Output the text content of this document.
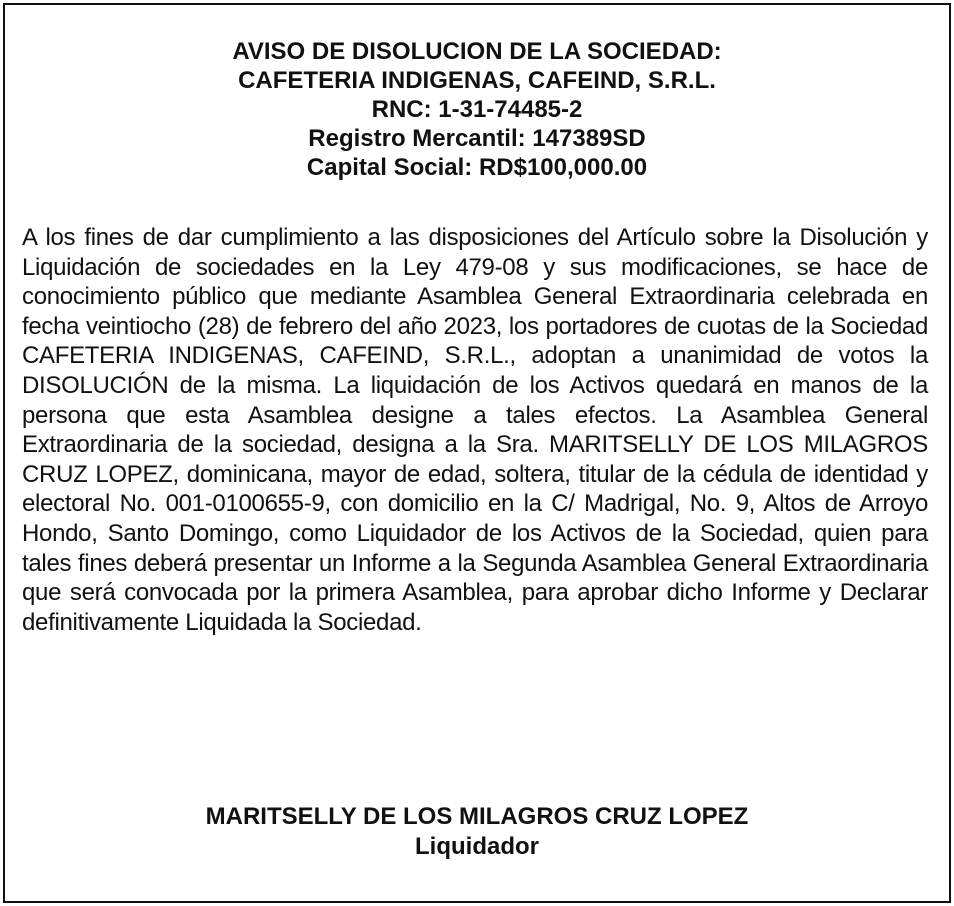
AVISO DE DISOLUCION DE LA SOCIEDAD:
CAFETERIA INDIGENAS, CAFEIND, S.R.L.
RNC: 1-31-74485-2
Registro Mercantil: 147389SD
Capital Social: RD$100,000.00
A los fines de dar cumplimiento a las disposiciones del Artículo sobre la Disolución y Liquidación de sociedades en la Ley 479-08 y sus modificaciones, se hace de conocimiento público que mediante Asamblea General Extraordinaria celebrada en fecha veintiocho (28) de febrero del año 2023, los portadores de cuotas de la Sociedad CAFETERIA INDIGENAS, CAFEIND, S.R.L., adoptan a unanimidad de votos la DISOLUCIÓN de la misma. La liquidación de los Activos quedará en manos de la persona que esta Asamblea designe a tales efectos. La Asamblea General Extraordinaria de la sociedad, designa a la Sra. MARITSELLY DE LOS MILAGROS CRUZ LOPEZ, dominicana, mayor de edad, soltera, titular de la cédula de identidad y electoral No. 001-0100655-9, con domicilio en la C/ Madrigal, No. 9, Altos de Arroyo Hondo, Santo Domingo, como Liquidador de los Activos de la Sociedad, quien para tales fines deberá presentar un Informe a la Segunda Asamblea General Extraordinaria que será convocada por la primera Asamblea, para aprobar dicho Informe y Declarar definitivamente Liquidada la Sociedad.
MARITSELLY DE LOS MILAGROS CRUZ LOPEZ
Liquidador
